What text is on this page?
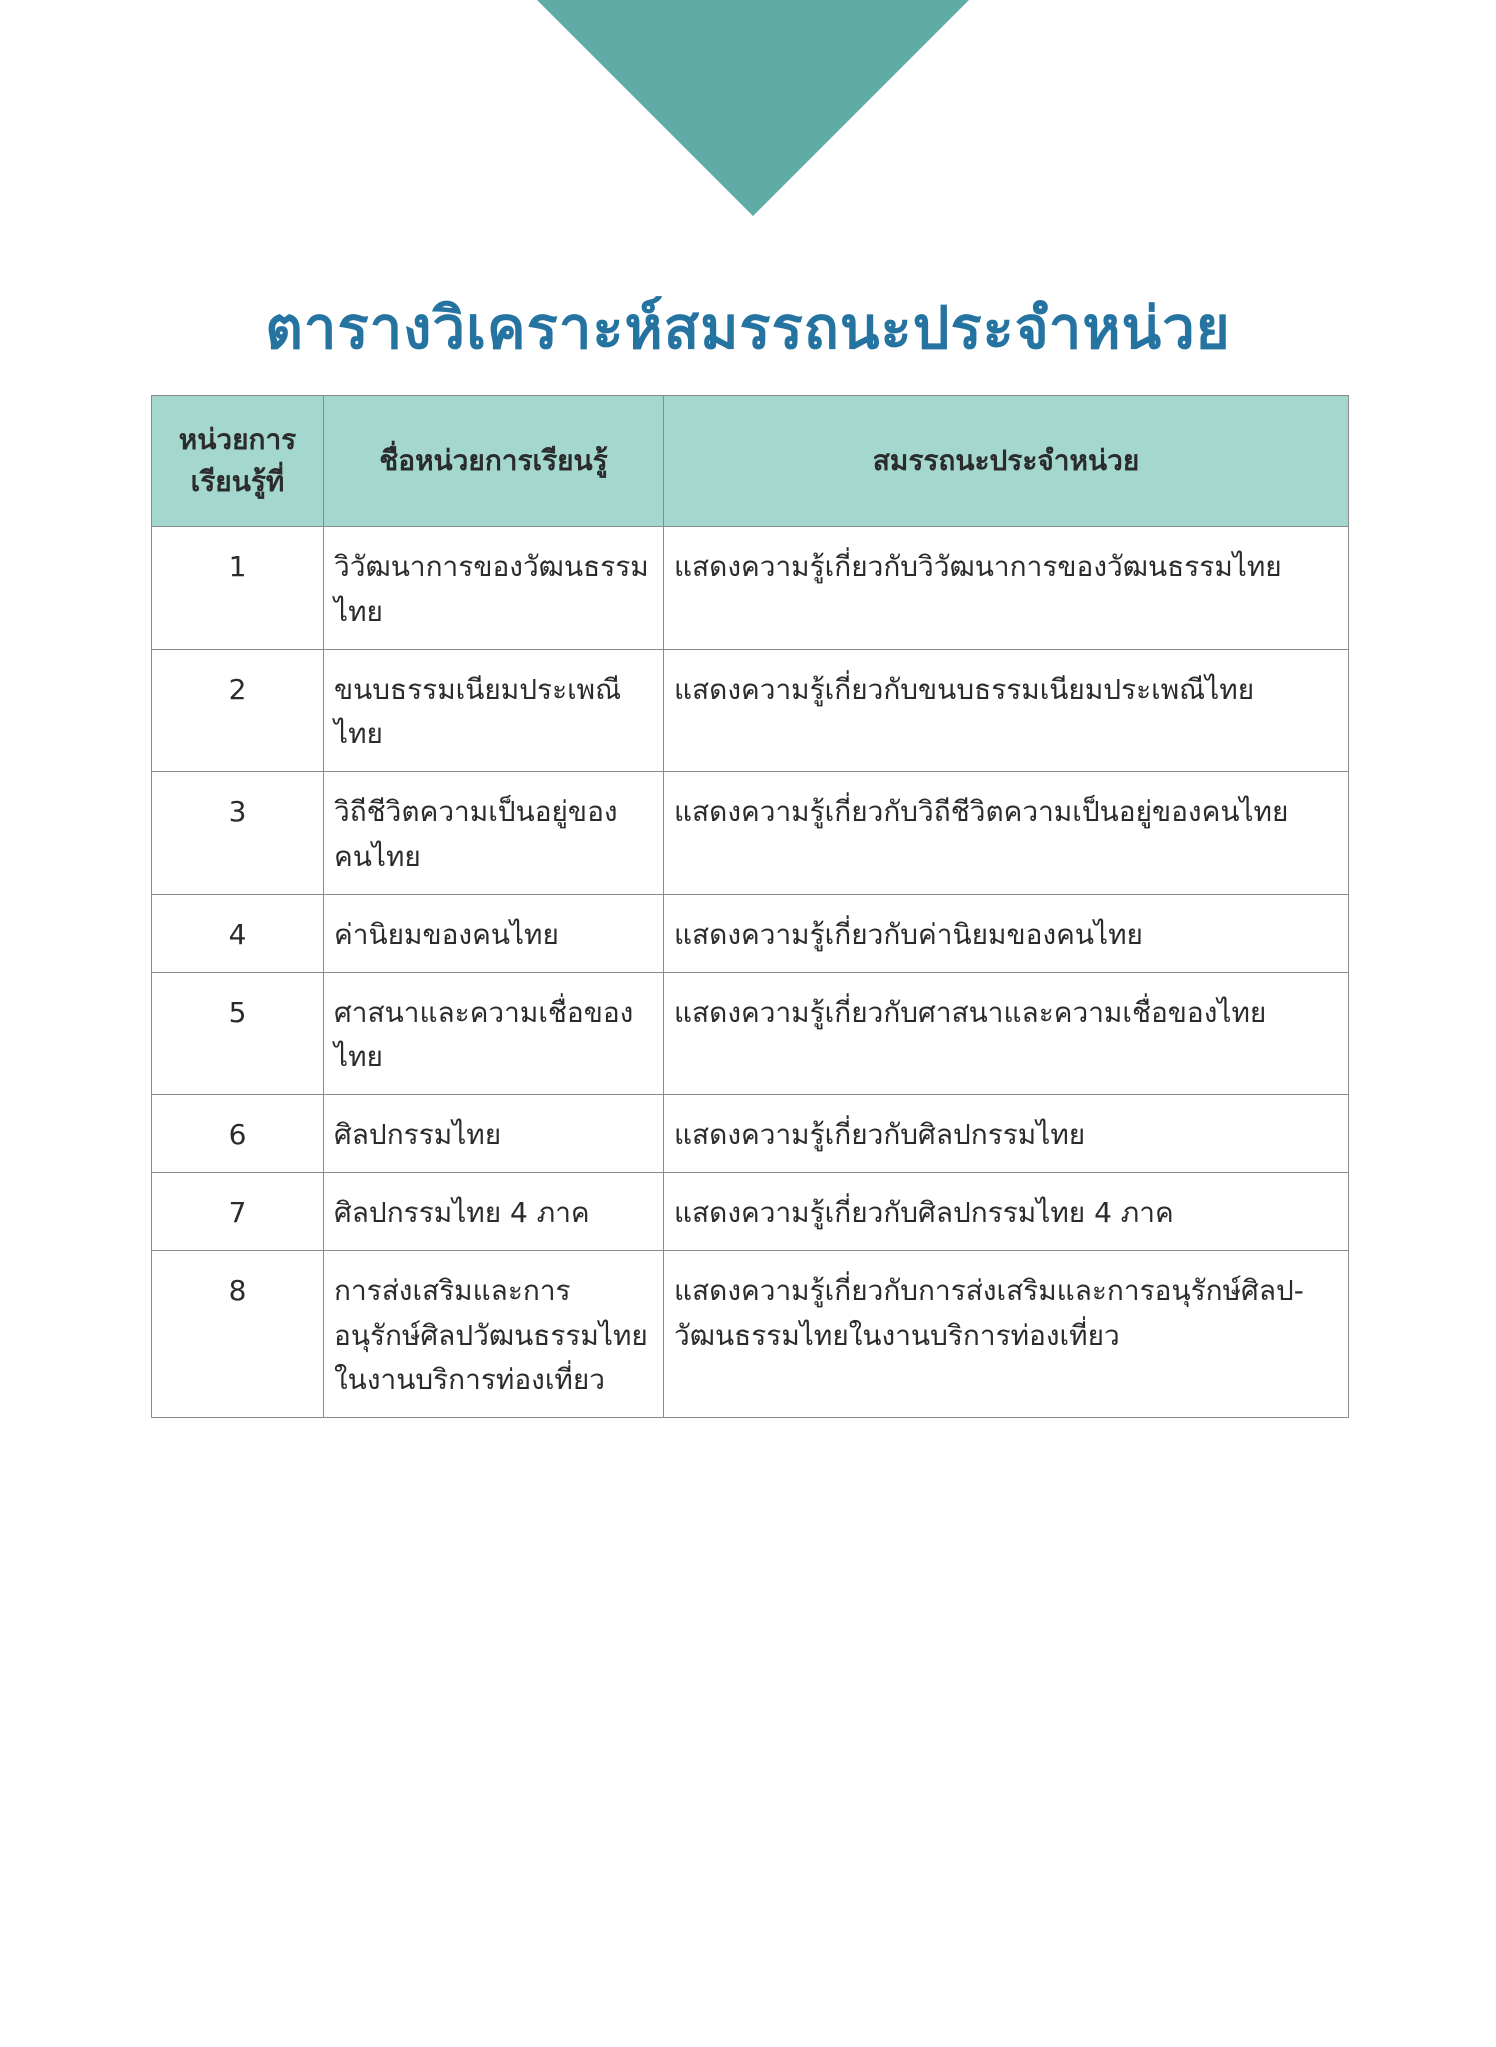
ตารางวิเคราะห์สมรรถนะประจำหน่วย
หน่วยการเรียนรู้ที่	ชื่อหน่วยการเรียนรู้	สมรรถนะประจำหน่วย
1	วิวัฒนาการของวัฒนธรรมไทย	แสดงความรู้เกี่ยวกับวิวัฒนาการของวัฒนธรรมไทย
2	ขนบธรรมเนียมประเพณีไทย	แสดงความรู้เกี่ยวกับขนบธรรมเนียมประเพณีไทย
3	วิถีชีวิตความเป็นอยู่ของคนไทย	แสดงความรู้เกี่ยวกับวิถีชีวิตความเป็นอยู่ของคนไทย
4	ค่านิยมของคนไทย	แสดงความรู้เกี่ยวกับค่านิยมของคนไทย
5	ศาสนาและความเชื่อของไทย	แสดงความรู้เกี่ยวกับศาสนาและความเชื่อของไทย
6	ศิลปกรรมไทย	แสดงความรู้เกี่ยวกับศิลปกรรมไทย
7	ศิลปกรรมไทย 4 ภาค	แสดงความรู้เกี่ยวกับศิลปกรรมไทย 4 ภาค
8	การส่งเสริมและการอนุรักษ์ศิลปวัฒนธรรมไทยในงานบริการท่องเที่ยว	แสดงความรู้เกี่ยวกับการส่งเสริมและการอนุรักษ์ศิลป-วัฒนธรรมไทยในงานบริการท่องเที่ยว
